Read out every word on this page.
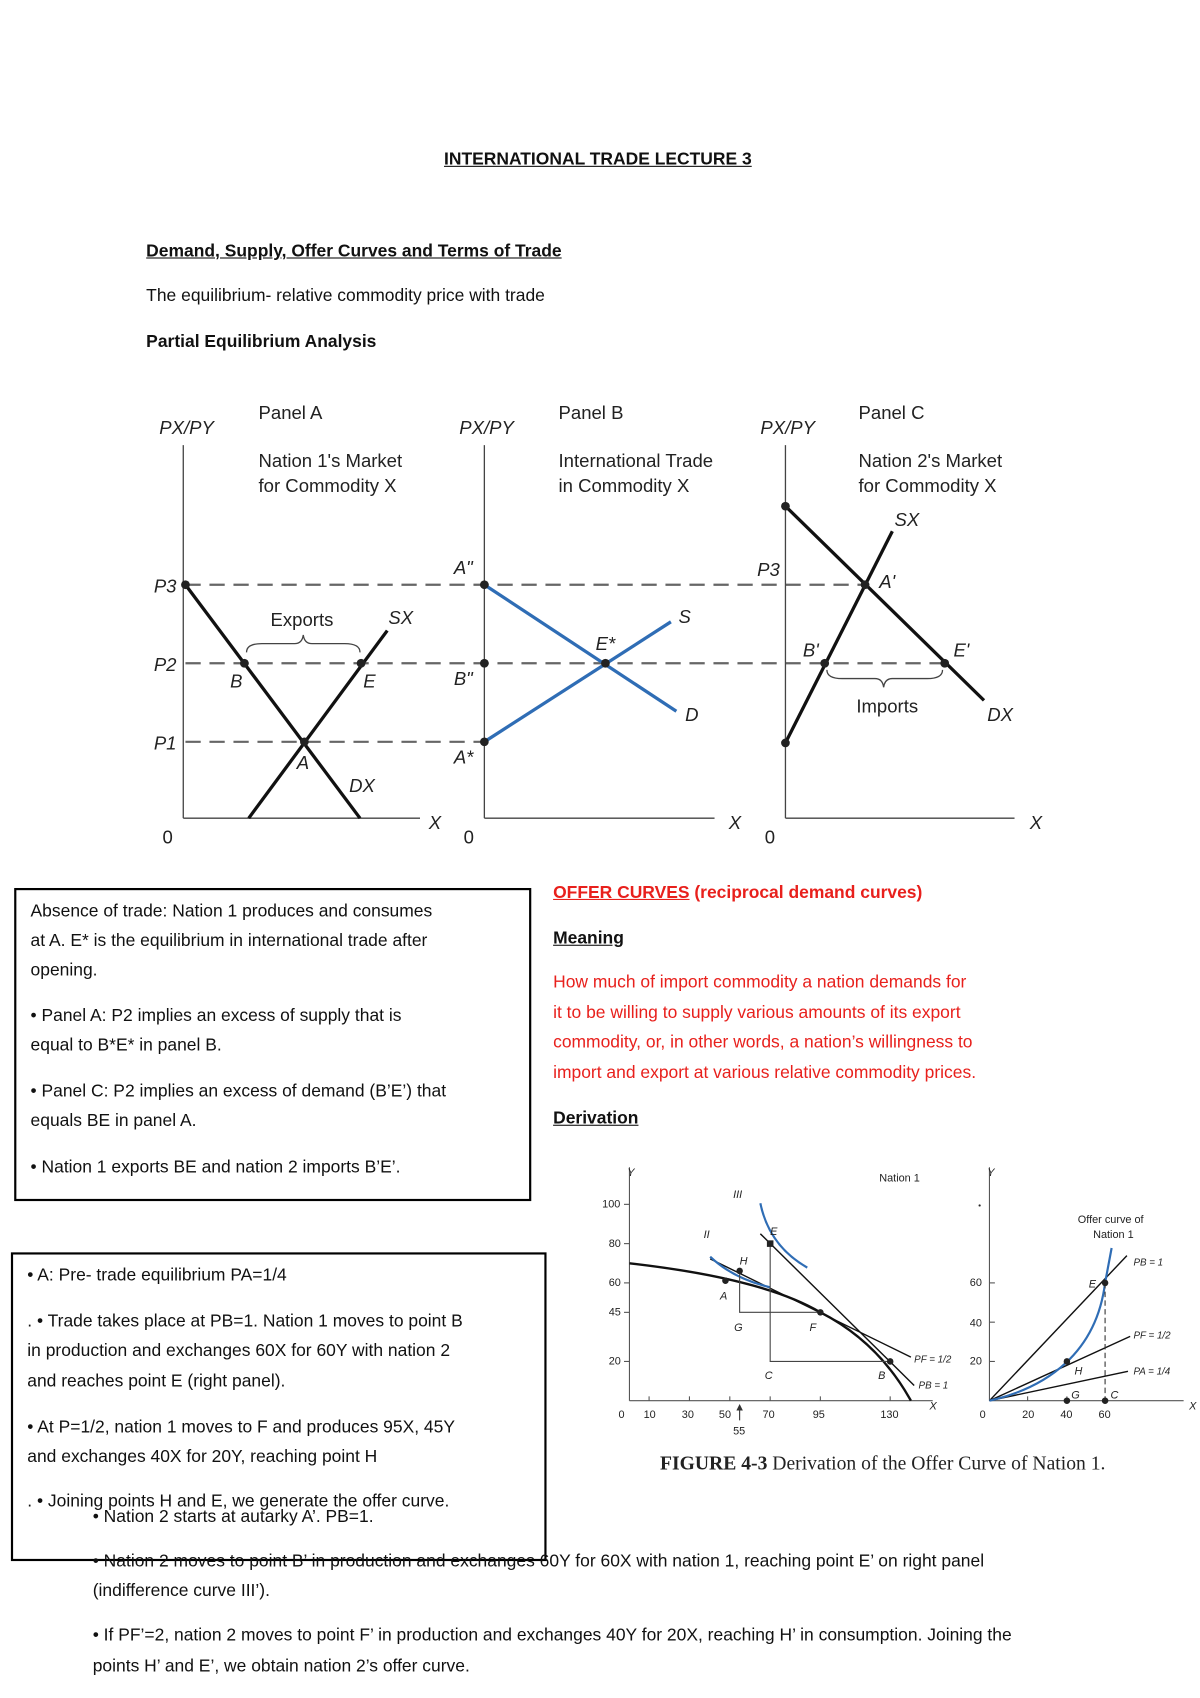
INTERNATIONAL TRADE LECTURE 3
Demand, Supply, Offer Curves and Terms of Trade
The equilibrium- relative commodity price with trade
Partial Equilibrium Analysis
PX/PY
Panel A
Nation 1's Market
for Commodity X
P3
P2
P1
Exports	SX
DX
A
B	E
0
X
PX/PY
Panel B
International Trade
in Commodity X
A"
B"
A*
E*
S
D
0
X
PX/PY
Panel C
Nation 2's Market
for Commodity X
P3
SX
A'
B'	E'
Imports	DX
0
X
Y	Nation 1
100
80
60
45
20
0 10	30 50	70	95	130
55
X
III
II	E
H
A
G	F
C	B
PF = 1/2
PB = 1
Y
Offer curve of
Nation 1
60
40
20
0	20	40	60
X
E
H
G	C
PB = 1
PF = 1/2
PA = 1/4
FIGURE 4-3 Derivation of the Offer Curve of Nation 1.
Absence of trade: Nation 1 produces and consumes
at A. E* is the equilibrium in international trade after
opening.
• Panel A: P2 implies an excess of supply that is
equal to B*E* in panel B.
• Panel C: P2 implies an excess of demand (B’E’) that
equals BE in panel A.
• Nation 1 exports BE and nation 2 imports B’E’.
OFFER CURVES (reciprocal demand curves)
Meaning
How much of import commodity a nation demands for
it to be willing to supply various amounts of its export
commodity, or, in other words, a nation’s willingness to
import and export at various relative commodity prices.
Derivation
• A: Pre- trade equilibrium PA=1/4
. • Trade takes place at PB=1. Nation 1 moves to point B
in production and exchanges 60X for 60Y with nation 2
and reaches point E (right panel).
• At P=1/2, nation 1 moves to F and produces 95X, 45Y
and exchanges 40X for 20Y, reaching point H
. • Joining points H and E, we generate the offer curve.
• Nation 2 starts at autarky A’. PB=1.
• Nation 2 moves to point B’ in production and exchanges 60Y for 60X with nation 1, reaching point E’ on right panel
(indifference curve III’).
• If PF’=2, nation 2 moves to point F’ in production and exchanges 40Y for 20X, reaching H’ in consumption. Joining the
points H’ and E’, we obtain nation 2’s offer curve.
